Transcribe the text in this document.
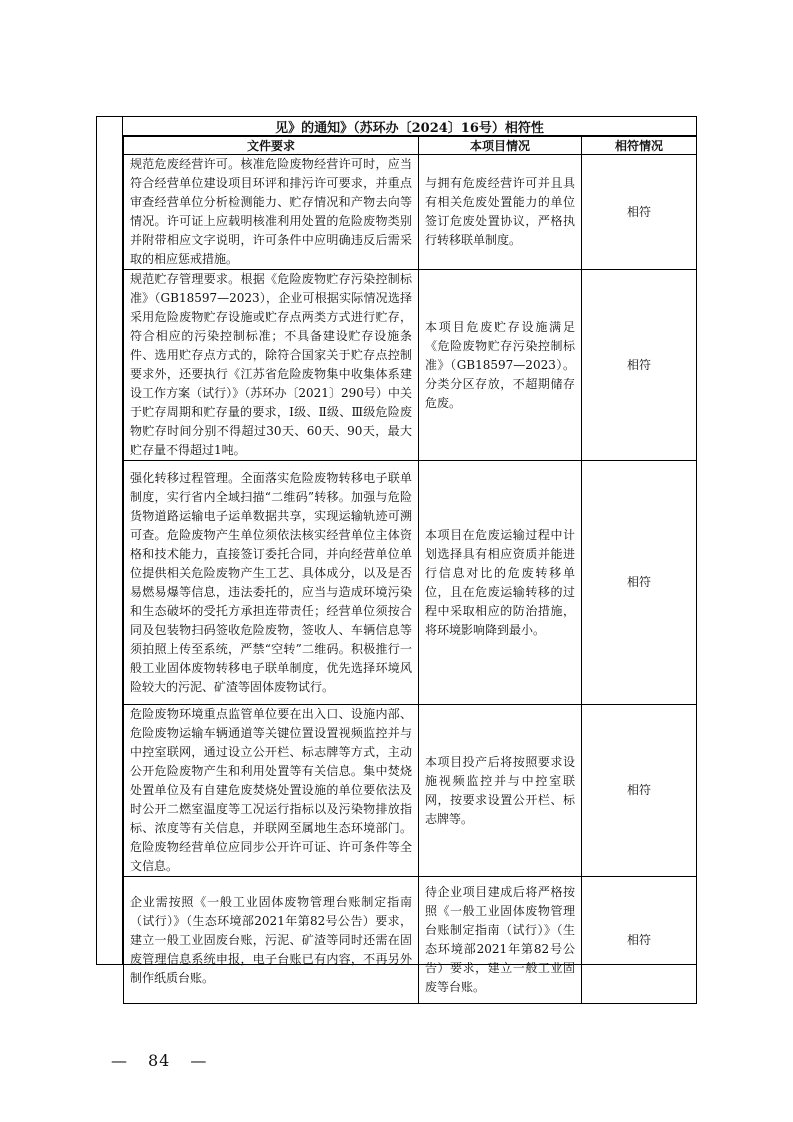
见》的通知》（苏环办〔2024〕16号）相符性
文件要求	本项目情况	相符情况
规范危废经营许可。核准危险废物经营许可时，应当符合经营单位建设项目环评和排污许可要求，并重点审查经营单位分析检测能力、贮存情况和产物去向等情况。许可证上应载明核准利用处置的危险废物类别并附带相应文字说明，许可条件中应明确违反后需采取的相应惩戒措施。	与拥有危废经营许可并且具有相关危废处置能力的单位签订危废处置协议，严格执行转移联单制度。	相符
规范贮存管理要求。根据《危险废物贮存污染控制标准》（GB18597—2023），企业可根据实际情况选择采用危险废物贮存设施或贮存点两类方式进行贮存，符合相应的污染控制标准；不具备建设贮存设施条件、选用贮存点方式的，除符合国家关于贮存点控制要求外，还要执行《江苏省危险废物集中收集体系建设工作方案（试行）》（苏环办〔2021〕290号）中关于贮存周期和贮存量的要求，Ⅰ级、Ⅱ级、Ⅲ级危险废物贮存时间分别不得超过30天、60天、90天，最大贮存量不得超过1吨。	本项目危废贮存设施满足《危险废物贮存污染控制标准》（GB18597—2023）。分类分区存放，不超期储存危废。	相符
强化转移过程管理。全面落实危险废物转移电子联单制度，实行省内全域扫描“二维码”转移。加强与危险货物道路运输电子运单数据共享，实现运输轨迹可溯可查。危险废物产生单位须依法核实经营单位主体资格和技术能力，直接签订委托合同，并向经营单位单位提供相关危险废物产生工艺、具体成分，以及是否易燃易爆等信息，违法委托的，应当与造成环境污染和生态破坏的受托方承担连带责任；经营单位须按合同及包装物扫码签收危险废物，签收人、车辆信息等须拍照上传至系统，严禁“空转”二维码。积极推行一般工业固体废物转移电子联单制度，优先选择环境风险较大的污泥、矿渣等固体废物试行。	本项目在危废运输过程中计划选择具有相应资质并能进行信息对比的危废转移单位，且在危废运输转移的过程中采取相应的防治措施，将环境影响降到最小。	相符
危险废物环境重点监管单位要在出入口、设施内部、危险废物运输车辆通道等关键位置设置视频监控并与中控室联网，通过设立公开栏、标志牌等方式，主动公开危险废物产生和利用处置等有关信息。集中焚烧处置单位及有自建危废焚烧处置设施的单位要依法及时公开二燃室温度等工况运行指标以及污染物排放指标、浓度等有关信息，并联网至属地生态环境部门。危险废物经营单位应同步公开许可证、许可条件等全文信息。	本项目投产后将按照要求设施视频监控并与中控室联网，按要求设置公开栏、标志牌等。	相符
企业需按照《一般工业固体废物管理台账制定指南（试行）》（生态环境部2021年第82号公告）要求，建立一般工业固废台账，污泥、矿渣等同时还需在固废管理信息系统申报，电子台账已有内容，不再另外制作纸质台账。	待企业项目建成后将严格按照《一般工业固体废物管理台账制定指南（试行）》（生态环境部2021年第82号公告）要求，建立一般工业固废等台账。	相符
— 84 —
